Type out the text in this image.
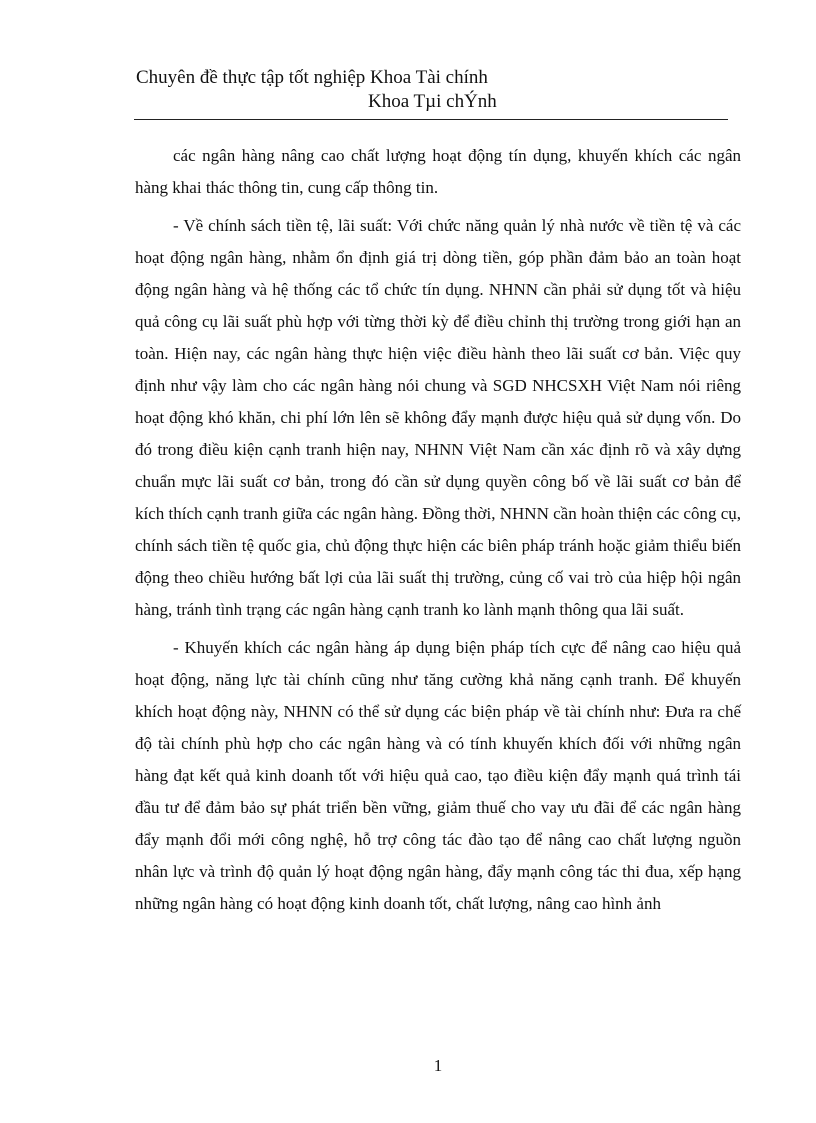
Chuyên đề thực tập tốt nghiệp Khoa Tài chính
Khoa Tµi chÝnh

các ngân hàng nâng cao chất lượng hoạt động tín dụng, khuyến khích các ngân hàng khai thác thông tin, cung cấp thông tin.

- Về chính sách tiền tệ, lãi suất: Với chức năng quản lý nhà nước về tiền tệ và các hoạt động ngân hàng, nhằm ổn định giá trị dòng tiền, góp phần đảm bảo an toàn hoạt động ngân hàng và hệ thống các tổ chức tín dụng. NHNN cần phải sử dụng tốt và hiệu quả công cụ lãi suất phù hợp với từng thời kỳ để điều chỉnh thị trường trong giới hạn an toàn. Hiện nay, các ngân hàng thực hiện việc điều hành theo lãi suất cơ bản. Việc quy định như vậy làm cho các ngân hàng nói chung và SGD NHCSXH Việt Nam nói riêng hoạt động khó khăn, chi phí lớn lên sẽ không đẩy mạnh được hiệu quả sử dụng vốn. Do đó trong điều kiện cạnh tranh hiện nay, NHNN Việt Nam cần xác định rõ và xây dựng chuẩn mực lãi suất cơ bản, trong đó cần sử dụng quyền công bố về lãi suất cơ bản để kích thích cạnh tranh giữa các ngân hàng. Đồng thời, NHNN cần hoàn thiện các công cụ, chính sách tiền tệ quốc gia, chủ động thực hiện các biên pháp tránh hoặc giảm thiểu biến động theo chiều hướng bất lợi của lãi suất thị trường, củng cố vai trò của hiệp hội ngân hàng, tránh tình trạng các ngân hàng cạnh tranh ko lành mạnh thông qua lãi suất.

- Khuyến khích các ngân hàng áp dụng biện pháp tích cực để nâng cao hiệu quả hoạt động, năng lực tài chính cũng như tăng cường khả năng cạnh tranh. Để khuyến khích hoạt động này, NHNN có thể sử dụng các biện pháp về tài chính như: Đưa ra chế độ tài chính phù hợp cho các ngân hàng và có tính khuyến khích đối với những ngân hàng đạt kết quả kinh doanh tốt với hiệu quả cao, tạo điều kiện đẩy mạnh quá trình tái đầu tư để đảm bảo sự phát triển bền vững, giảm thuế cho vay ưu đãi để các ngân hàng đẩy mạnh đổi mới công nghệ, hỗ trợ công tác đào tạo để nâng cao chất lượng nguồn nhân lực và trình độ quản lý hoạt động ngân hàng, đẩy mạnh công tác thi đua, xếp hạng những ngân hàng có hoạt động kinh doanh tốt, chất lượng, nâng cao hình ảnh

1
